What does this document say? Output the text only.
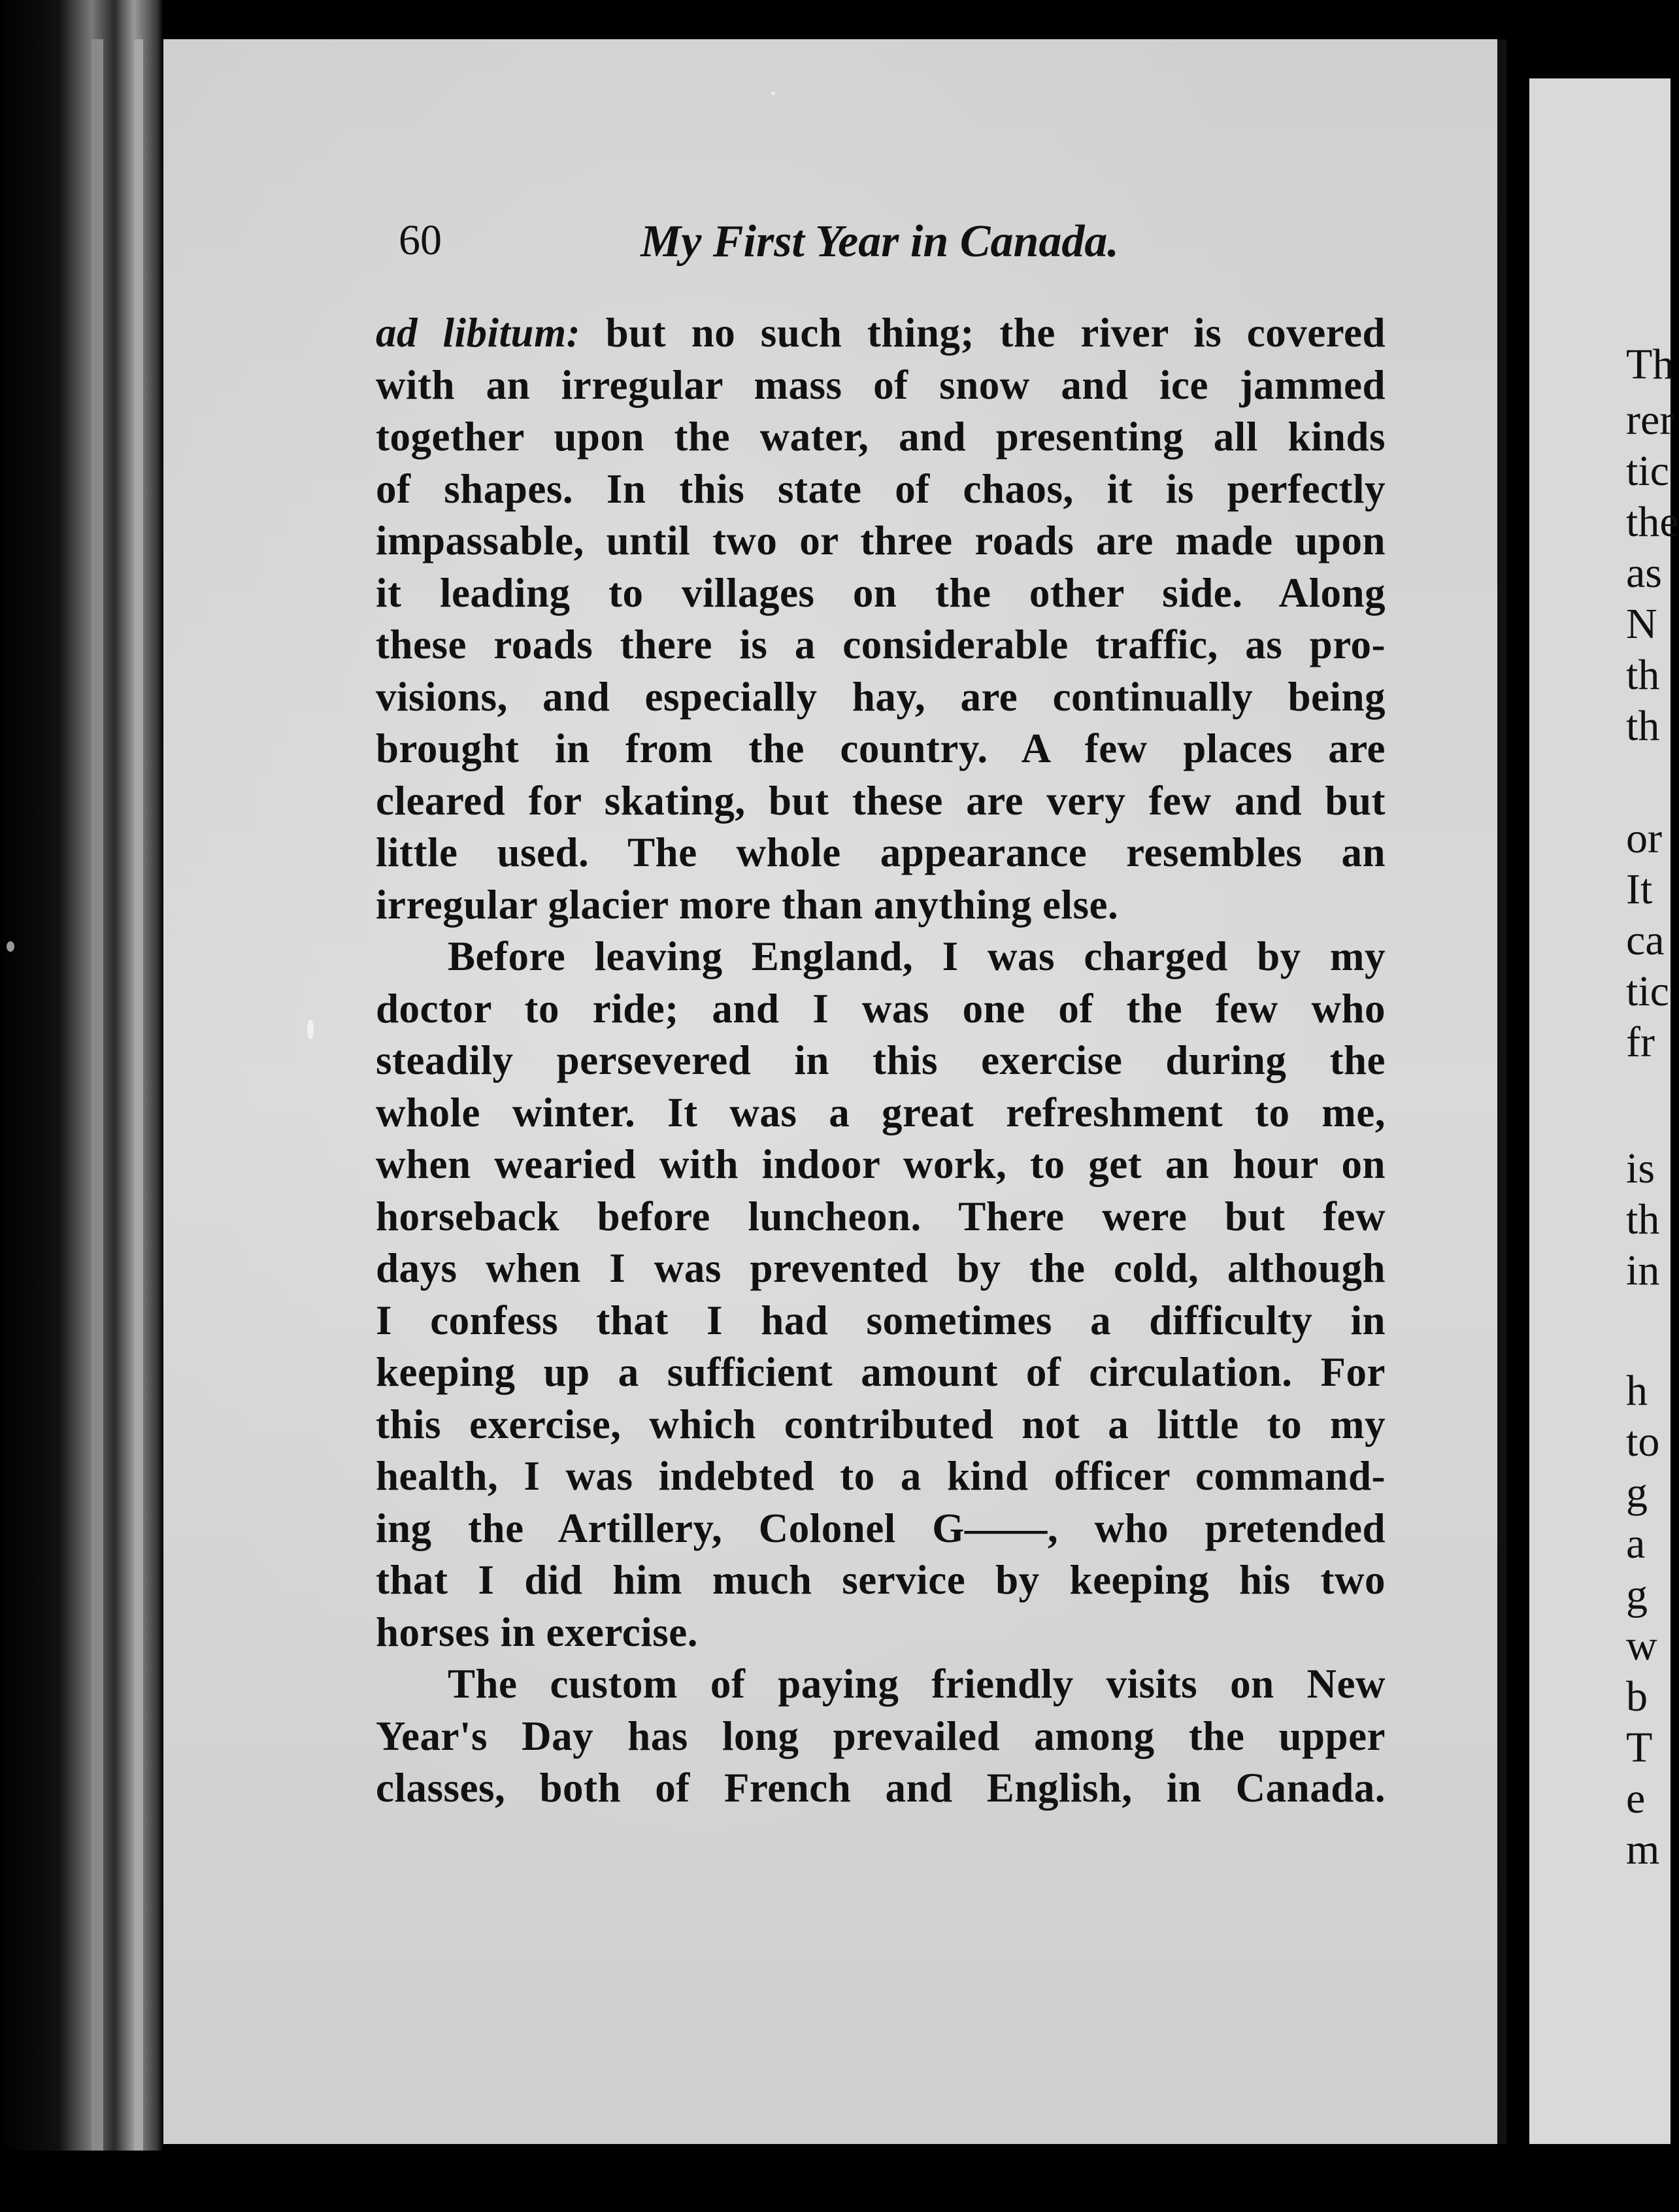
Th
rer
tic
the
as
N
th
th
or
It
ca
tic
fr
is
th
in
h
to
g
a
g
w
b
T
e
m
60	My First Year in Canada.
ad libitum: but no such thing; the river is covered
with an irregular mass of snow and ice jammed
together upon the water, and presenting all kinds
of shapes. In this state of chaos, it is perfectly
impassable, until two or three roads are made upon
it leading to villages on the other side. Along
these roads there is a considerable traffic, as pro-
visions, and especially hay, are continually being
brought in from the country. A few places are
cleared for skating, but these are very few and but
little used. The whole appearance resembles an
irregular glacier more than anything else.
Before leaving England, I was charged by my
doctor to ride; and I was one of the few who
steadily persevered in this exercise during the
whole winter. It was a great refreshment to me,
when wearied with indoor work, to get an hour on
horseback before luncheon. There were but few
days when I was prevented by the cold, although
I confess that I had sometimes a difficulty in
keeping up a sufficient amount of circulation. For
this exercise, which contributed not a little to my
health, I was indebted to a kind officer command-
ing the Artillery, Colonel G——, who pretended
that I did him much service by keeping his two
horses in exercise.
The custom of paying friendly visits on New
Year's Day has long prevailed among the upper
classes, both of French and English, in Canada.
